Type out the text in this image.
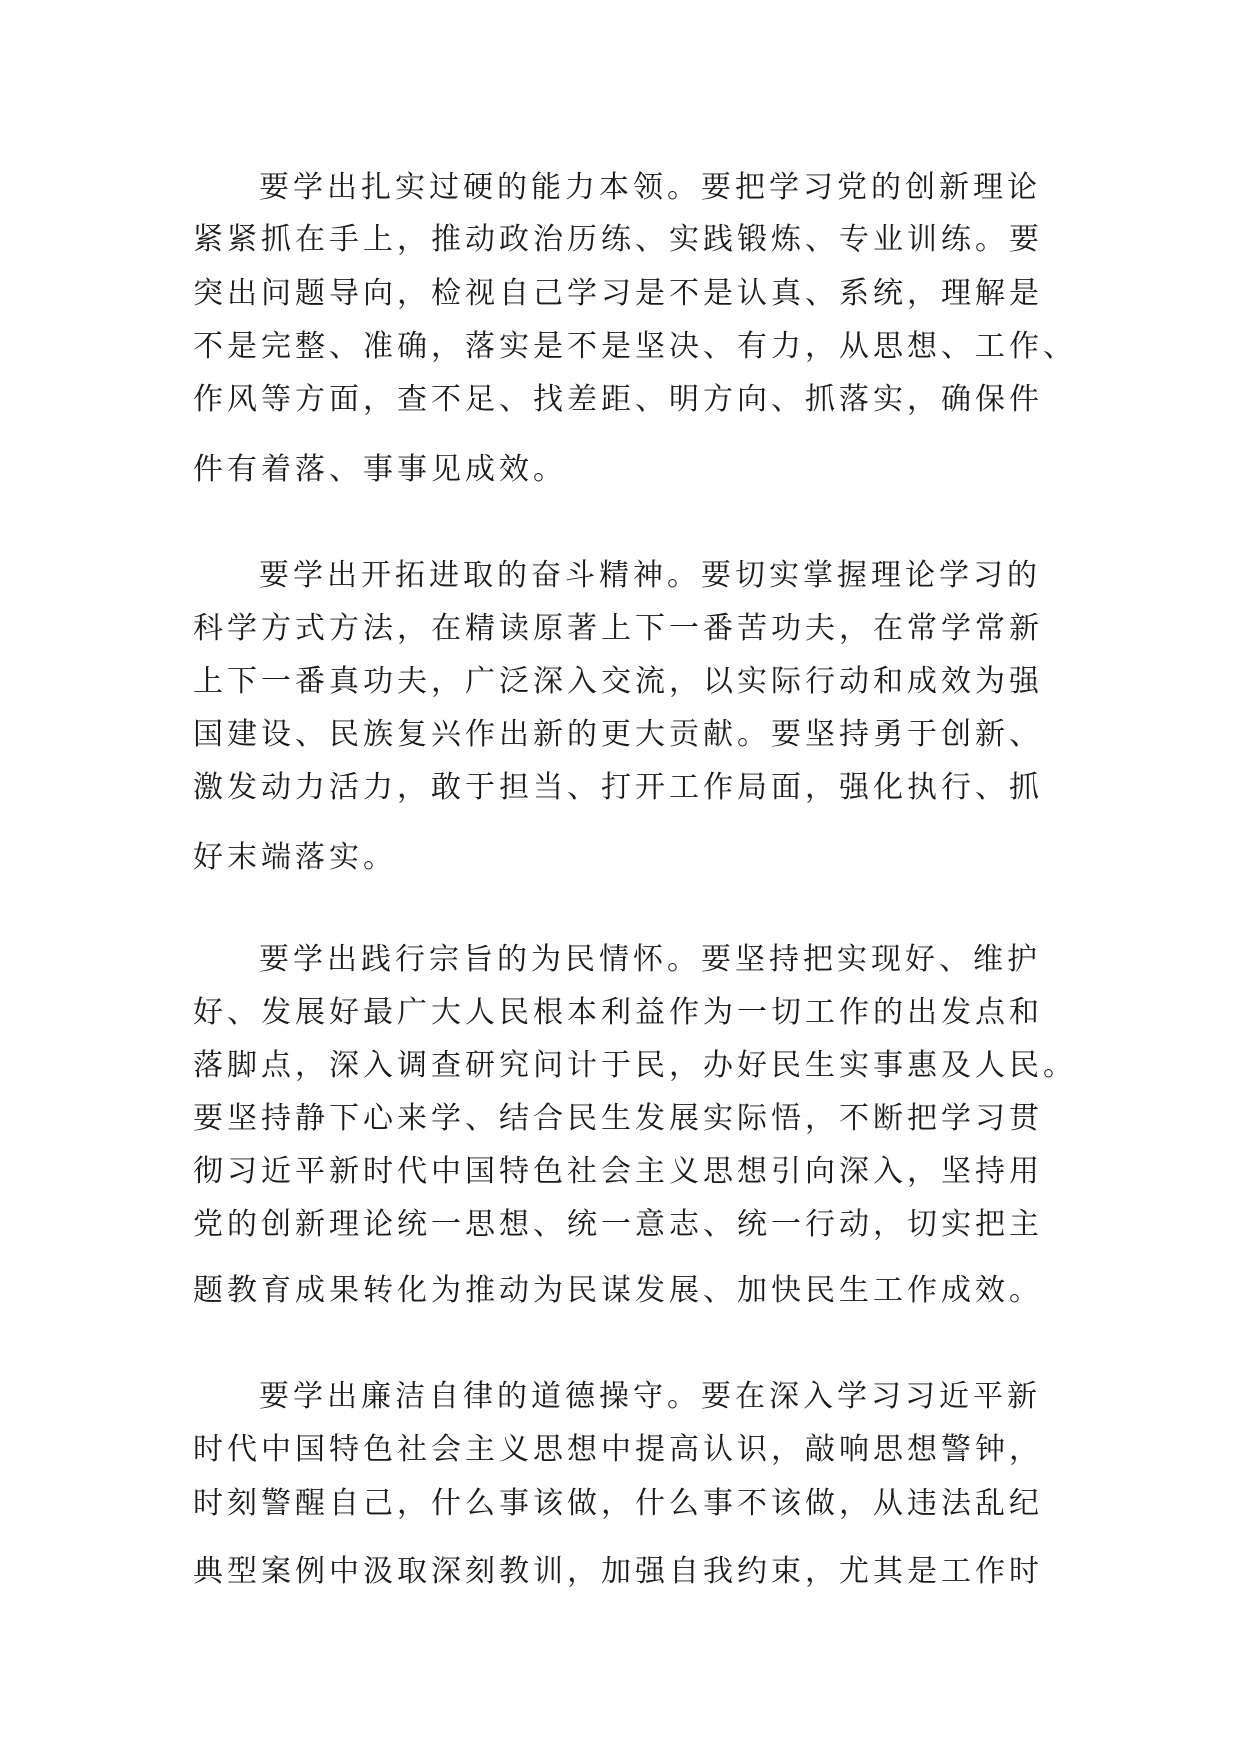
要学出扎实过硬的能力本领。要把学习党的创新理论
紧紧抓在手上，推动政治历练、实践锻炼、专业训练。要
突出问题导向，检视自己学习是不是认真、系统，理解是
不是完整、准确，落实是不是坚决、有力，从思想、工作、
作风等方面，查不足、找差距、明方向、抓落实，确保件
件有着落、事事见成效。
要学出开拓进取的奋斗精神。要切实掌握理论学习的
科学方式方法，在精读原著上下一番苦功夫，在常学常新
上下一番真功夫，广泛深入交流，以实际行动和成效为强
国建设、民族复兴作出新的更大贡献。要坚持勇于创新、
激发动力活力，敢于担当、打开工作局面，强化执行、抓
好末端落实。
要学出践行宗旨的为民情怀。要坚持把实现好、维护
好、发展好最广大人民根本利益作为一切工作的出发点和
落脚点，深入调查研究问计于民，办好民生实事惠及人民。
要坚持静下心来学、结合民生发展实际悟，不断把学习贯
彻习近平新时代中国特色社会主义思想引向深入，坚持用
党的创新理论统一思想、统一意志、统一行动，切实把主
题教育成果转化为推动为民谋发展、加快民生工作成效。
要学出廉洁自律的道德操守。要在深入学习习近平新
时代中国特色社会主义思想中提高认识，敲响思想警钟，
时刻警醒自己，什么事该做，什么事不该做，从违法乱纪
典型案例中汲取深刻教训，加强自我约束，尤其是工作时
